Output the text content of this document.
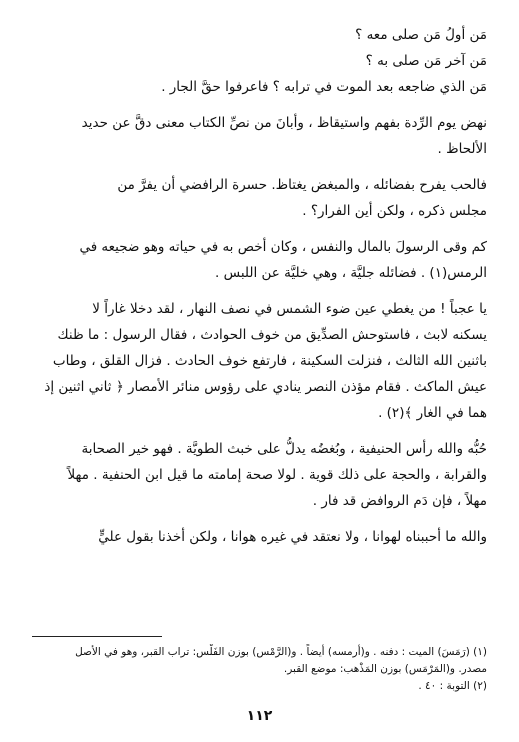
مَن أولُ مَن صلى معه ؟
مَن آخر مَن صلى به ؟
مَن الذي ضاجعه بعد الموت في ترابه ؟ فاعرفوا حقَّ الجار .
نهض يوم الرِّدة بفهم واستيقاظ ، وأبانَ من نصِّ الكتاب معنى دقَّ عن حديد
الألحاظ .
فالحب يفرح بفضائله ، والمبغض يغتاظ. حسرة الرافضي أن يفرَّ من
مجلس ذكره ، ولكن أين الفرار؟ .
كم وقى الرسولَ بالمال والنفس ، وكان أخص به في حياته وهو ضجيعه في
الرمس(١) . فضائله جليَّة ، وهي خليَّة عن اللبس .
يا عجباً ! من يغطي عين ضوء الشمس في نصف النهار ، لقد دخلا غاراً لا
يسكنه لابث ، فاستوحش الصدِّيق من خوف الحوادث ، فقال الرسول : ما ظنك
باثنين الله الثالث ، فنزلت السكينة ، فارتفع خوف الحادث . فزال القلق ، وطاب
عيش الماكث . فقام مؤذن النصر ينادي على رؤوس منائر الأمصار ﴿ ثاني اثنين إذ
هما في الغار ﴾(٢) .
حُبُّه والله رأس الحنيفية ، وبُغضُه يدلُّ على خبث الطويَّة . فهو خير الصحابة
والقرابة ، والحجة على ذلك قوية . لولا صحة إمامته ما قيل ابن الحنفية . مهلاً
مهلاً ، فإن دَم الروافض قد فار .
والله ما أحببناه لهوانا ، ولا نعتقد في غيره هوانا ، ولكن أخذنا بقول عليٍّ
(١) (رَمَسَ) الميت : دفنه . و(أرمسه) أيضاً . و(الرَّمْس) بوزن الفَلْس: تراب القبر، وهو في الأصل
مصدر. و(المَرْمَس) بوزن المَذْهب: موضع القبر.
(٢) التوبة : ٤٠ .
١١٢
